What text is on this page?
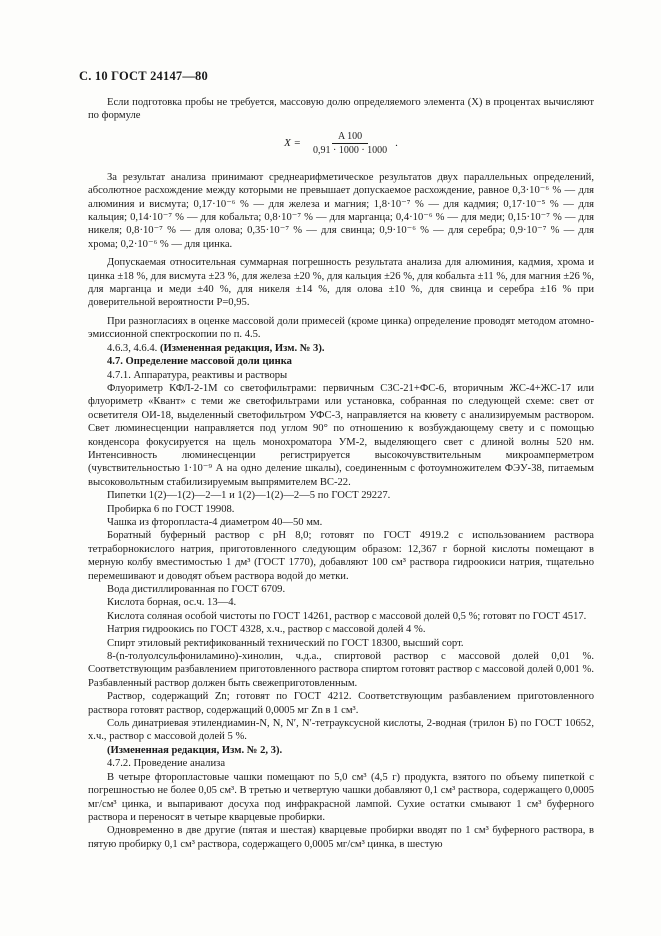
С. 10 ГОСТ 24147—80

Если подготовка пробы не требуется, массовую долю определяемого элемента (X) в процентах вычисляют по формуле

$X = \frac{A 100}{0,91 \cdot 1000 \cdot 1000}$ .

За результат анализа принимают среднеарифметическое результатов двух параллельных определений, абсолютное расхождение между которыми не превышает допускаемое расхождение, равное 0,3·10⁻⁶ % — для алюминия и висмута; 0,17·10⁻⁶ % — для железа и магния; 1,8·10⁻⁷ % — для кадмия; 0,17·10⁻⁵ % — для кальция; 0,14·10⁻⁷ % — для кобальта; 0,8·10⁻⁷ % — для марганца; 0,4·10⁻⁶ % — для меди; 0,15·10⁻⁷ % — для никеля; 0,8·10⁻⁷ % — для олова; 0,35·10⁻⁷ % — для свинца; 0,9·10⁻⁶ % — для серебра; 0,9·10⁻⁷ % — для хрома; 0,2·10⁻⁶ % — для цинка.

Допускаемая относительная суммарная погрешность результата анализа для алюминия, кадмия, хрома и цинка ±18 %, для висмута ±23 %, для железа ±20 %, для кальция ±26 %, для кобальта ±11 %, для магния ±26 %, для марганца и меди ±40 %, для никеля ±14 %, для олова ±10 %, для свинца и серебра ±16 % при доверительной вероятности P=0,95.

При разногласиях в оценке массовой доли примесей (кроме цинка) определение проводят методом атомно-эмиссионной спектроскопии по п. 4.5.

4.6.3, 4.6.4. (Измененная редакция, Изм. № 3).

4.7. Определение массовой доли цинка

4.7.1. Аппаратура, реактивы и растворы

Флуориметр КФЛ-2-1М со светофильтрами: первичным СЗС-21+ФС-6, вторичным ЖС-4+ЖС-17 или флуориметр «Квант» с теми же светофильтрами или установка, собранная по следующей схеме: свет от осветителя ОИ-18, выделенный светофильтром УФС-3, направляется на кювету с анализируемым раствором. Свет люминесценции направляется под углом 90° по отношению к возбуждающему свету и с помощью конденсора фокусируется на щель монохроматора УМ-2, выделяющего свет с длиной волны 520 нм. Интенсивность люминесценции регистрируется высокочувствительным микроамперметром (чувствительностью 1·10⁻⁹ А на одно деление шкалы), соединенным с фотоумножителем ФЭУ-38, питаемым высоковольтным стабилизируемым выпрямителем ВС-22.

Пипетки 1(2)—1(2)—2—1 и 1(2)—1(2)—2—5 по ГОСТ 29227.

Пробирка 6 по ГОСТ 19908.

Чашка из фторопласта-4 диаметром 40—50 мм.

Боратный буферный раствор с pH 8,0; готовят по ГОСТ 4919.2 с использованием раствора тетраборнокислого натрия, приготовленного следующим образом: 12,367 г борной кислоты помещают в мерную колбу вместимостью 1 дм³ (ГОСТ 1770), добавляют 100 см³ раствора гидроокиси натрия, тщательно перемешивают и доводят объем раствора водой до метки.

Вода дистиллированная по ГОСТ 6709.

Кислота борная, ос.ч. 13—4.

Кислота соляная особой чистоты по ГОСТ 14261, раствор с массовой долей 0,5 %; готовят по ГОСТ 4517.

Натрия гидроокись по ГОСТ 4328, х.ч., раствор с массовой долей 4 %.

Спирт этиловый ректификованный технический по ГОСТ 18300, высший сорт.

8-(n-толуолсульфониламино)-хинолин, ч.д.а., спиртовой раствор с массовой долей 0,01 %. Соответствующим разбавлением приготовленного раствора спиртом готовят раствор с массовой долей 0,001 %. Разбавленный раствор должен быть свежеприготовленным.

Раствор, содержащий Zn; готовят по ГОСТ 4212. Соответствующим разбавлением приготовленного раствора готовят раствор, содержащий 0,0005 мг Zn в 1 см³.

Соль динатриевая этилендиамин-N, N, N′, N′-тетрауксусной кислоты, 2-водная (трилон Б) по ГОСТ 10652, х.ч., раствор с массовой долей 5 %.

(Измененная редакция, Изм. № 2, 3).

4.7.2. Проведение анализа

В четыре фторопластовые чашки помещают по 5,0 см³ (4,5 г) продукта, взятого по объему пипеткой с погрешностью не более 0,05 см³. В третью и четвертую чашки добавляют 0,1 см³ раствора, содержащего 0,0005 мг/см³ цинка, и выпаривают досуха под инфракрасной лампой. Сухие остатки смывают 1 см³ буферного раствора и переносят в четыре кварцевые пробирки.

Одновременно в две другие (пятая и шестая) кварцевые пробирки вводят по 1 см³ буферного раствора, в пятую пробирку 0,1 см³ раствора, содержащего 0,0005 мг/см³ цинка, в шестую
